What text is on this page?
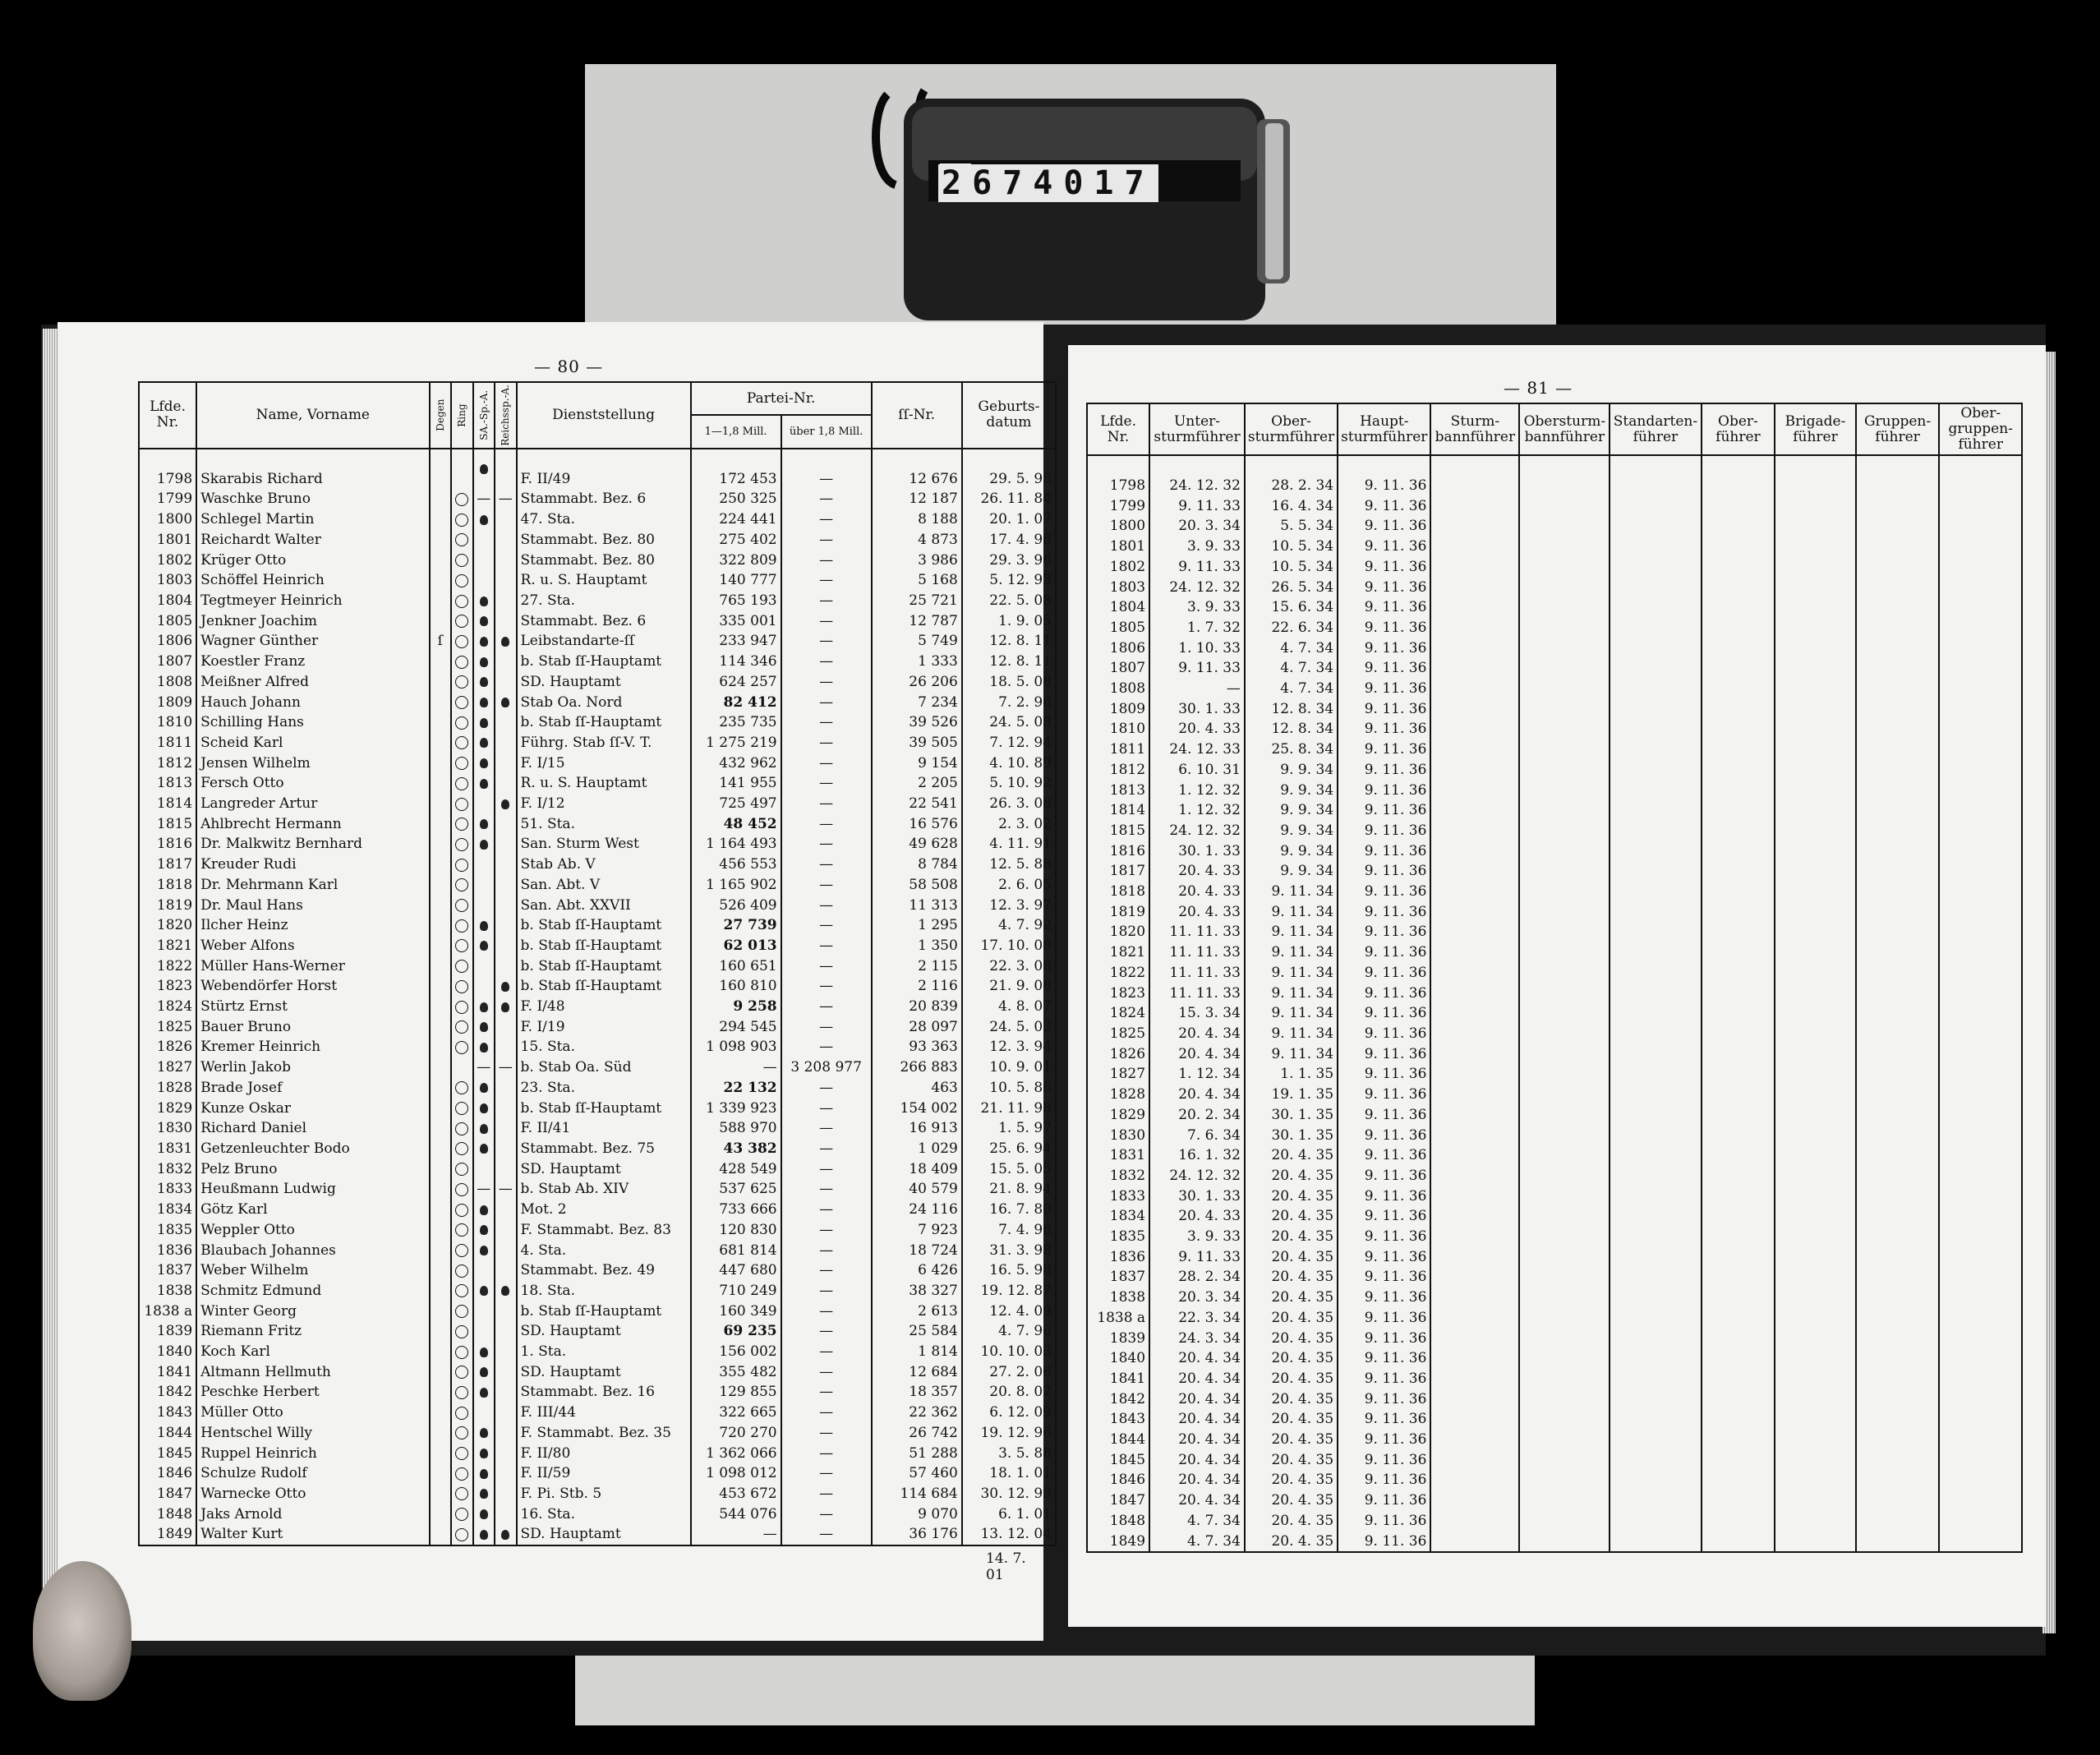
2674017
— 80 —
Lfde. Nr.	Name, Vorname	Degen	Ring	SA.-Sp.-A.	Reichssp.-A.	Dienststellung	Partei-Nr.		ſſ-Nr.	Geburts-datum
							1—1,8 Mill.	über 1,8 Mill.		
1798	Skarabis Richard					F. II/49	172 453	—	12 676	29. 5. 95
1799	Waschke Bruno			—	—	Stammabt. Bez. 6	250 325	—	12 187	26. 11. 84
1800	Schlegel Martin					47. Sta.	224 441	—	8 188	20. 1. 07
1801	Reichardt Walter					Stammabt. Bez. 80	275 402	—	4 873	17. 4. 96
1802	Krüger Otto					Stammabt. Bez. 80	322 809	—	3 986	29. 3. 96
1803	Schöffel Heinrich					R. u. S. Hauptamt	140 777	—	5 168	5. 12. 93
1804	Tegtmeyer Heinrich					27. Sta.	765 193	—	25 721	22. 5. 08
1805	Jenkner Joachim					Stammabt. Bez. 6	335 001	—	12 787	1. 9. 05
1806	Wagner Günther	ſ				Leibstandarte-ſſ	233 947	—	5 749	12. 8. 11
1807	Koestler Franz					b. Stab ſſ-Hauptamt	114 346	—	1 333	12. 8. 11
1808	Meißner Alfred					SD. Hauptamt	624 257	—	26 206	18. 5. 08
1809	Hauch Johann					Stab Oa. Nord	82 412	—	7 234	7. 2. 96
1810	Schilling Hans					b. Stab ſſ-Hauptamt	235 735	—	39 526	24. 5. 08
1811	Scheid Karl					Führg. Stab ſſ-V. T.	1 275 219	—	39 505	7. 12. 94
1812	Jensen Wilhelm					F. I/15	432 962	—	9 154	4. 10. 89
1813	Fersch Otto					R. u. S. Hauptamt	141 955	—	2 205	5. 10. 92
1814	Langreder Artur					F. I/12	725 497	—	22 541	26. 3. 08
1815	Ahlbrecht Hermann					51. Sta.	48 452	—	16 576	2. 3. 02
1816	Dr. Malkwitz Bernhard					San. Sturm West	1 164 493	—	49 628	4. 11. 91
1817	Kreuder Rudi					Stab Ab. V	456 553	—	8 784	12. 5. 88
1818	Dr. Mehrmann Karl					San. Abt. V	1 165 902	—	58 508	2. 6. 05
1819	Dr. Maul Hans					San. Abt. XXVII	526 409	—	11 313	12. 3. 97
1820	Ilcher Heinz					b. Stab ſſ-Hauptamt	27 739	—	1 295	4. 7. 92
1821	Weber Alfons					b. Stab ſſ-Hauptamt	62 013	—	1 350	17. 10. 08
1822	Müller Hans-Werner					b. Stab ſſ-Hauptamt	160 651	—	2 115	22. 3. 08
1823	Webendörfer Horst					b. Stab ſſ-Hauptamt	160 810	—	2 116	21. 9. 08
1824	Stürtz Ernst					F. I/48	9 258	—	20 839	4. 8. 07
1825	Bauer Bruno					F. I/19	294 545	—	28 097	24. 5. 02
1826	Kremer Heinrich					15. Sta.	1 098 903	—	93 363	12. 3. 94
1827	Werlin Jakob			—	—	b. Stab Oa. Süd	—	3 208 977	266 883	10. 9. 01
1828	Brade Josef					23. Sta.	22 132	—	463	10. 5. 86
1829	Kunze Oskar					b. Stab ſſ-Hauptamt	1 339 923	—	154 002	21. 11. 98
1830	Richard Daniel					F. II/41	588 970	—	16 913	1. 5. 97
1831	Getzenleuchter Bodo					Stammabt. Bez. 75	43 382	—	1 029	25. 6. 94
1832	Pelz Bruno					SD. Hauptamt	428 549	—	18 409	15. 5. 05
1833	Heußmann Ludwig			—	—	b. Stab Ab. XIV	537 625	—	40 579	21. 8. 94
1834	Götz Karl					Mot. 2	733 666	—	24 116	16. 7. 80
1835	Weppler Otto					F. Stammabt. Bez. 83	120 830	—	7 923	7. 4. 96
1836	Blaubach Johannes					4. Sta.	681 814	—	18 724	31. 3. 98
1837	Weber Wilhelm					Stammabt. Bez. 49	447 680	—	6 426	16. 5. 98
1838	Schmitz Edmund					18. Sta.	710 249	—	38 327	19. 12. 87
1838 a	Winter Georg					b. Stab ſſ-Hauptamt	160 349	—	2 613	12. 4. 09
1839	Riemann Fritz					SD. Hauptamt	69 235	—	25 584	4. 7. 96
1840	Koch Karl					1. Sta.	156 002	—	1 814	10. 10. 03
1841	Altmann Hellmuth					SD. Hauptamt	355 482	—	12 684	27. 2. 06
1842	Peschke Herbert					Stammabt. Bez. 16	129 855	—	18 357	20. 8. 02
1843	Müller Otto					F. III/44	322 665	—	22 362	6. 12. 09
1844	Hentschel Willy					F. Stammabt. Bez. 35	720 270	—	26 742	19. 12. 96
1845	Ruppel Heinrich					F. II/80	1 362 066	—	51 288	3. 5. 88
1846	Schulze Rudolf					F. II/59	1 098 012	—	57 460	18. 1. 01
1847	Warnecke Otto					F. Pi. Stb. 5	453 672	—	114 684	30. 12. 99
1848	Jaks Arnold					16. Sta.	544 076	—	9 070	6. 1. 01
1849	Walter Kurt					SD. Hauptamt	—	—	36 176	13. 12. 04
14. 7. 01
— 81 —
Lfde. Nr.	Unter-sturmführer	Ober-sturmführer	Haupt-sturmführer	Sturm-bannführer	Obersturm-bannführer	Standarten-führer	Ober-führer	Brigade-führer	Gruppen-führer	Ober-gruppen-führer
1798	24. 12. 32	28. 2. 34	9. 11. 36							
1799	9. 11. 33	16. 4. 34	9. 11. 36							
1800	20. 3. 34	5. 5. 34	9. 11. 36							
1801	3. 9. 33	10. 5. 34	9. 11. 36							
1802	9. 11. 33	10. 5. 34	9. 11. 36							
1803	24. 12. 32	26. 5. 34	9. 11. 36							
1804	3. 9. 33	15. 6. 34	9. 11. 36							
1805	1. 7. 32	22. 6. 34	9. 11. 36							
1806	1. 10. 33	4. 7. 34	9. 11. 36							
1807	9. 11. 33	4. 7. 34	9. 11. 36							
1808	—	4. 7. 34	9. 11. 36							
1809	30. 1. 33	12. 8. 34	9. 11. 36							
1810	20. 4. 33	12. 8. 34	9. 11. 36							
1811	24. 12. 33	25. 8. 34	9. 11. 36							
1812	6. 10. 31	9. 9. 34	9. 11. 36							
1813	1. 12. 32	9. 9. 34	9. 11. 36							
1814	1. 12. 32	9. 9. 34	9. 11. 36							
1815	24. 12. 32	9. 9. 34	9. 11. 36							
1816	30. 1. 33	9. 9. 34	9. 11. 36							
1817	20. 4. 33	9. 9. 34	9. 11. 36							
1818	20. 4. 33	9. 11. 34	9. 11. 36							
1819	20. 4. 33	9. 11. 34	9. 11. 36							
1820	11. 11. 33	9. 11. 34	9. 11. 36							
1821	11. 11. 33	9. 11. 34	9. 11. 36							
1822	11. 11. 33	9. 11. 34	9. 11. 36							
1823	11. 11. 33	9. 11. 34	9. 11. 36							
1824	15. 3. 34	9. 11. 34	9. 11. 36							
1825	20. 4. 34	9. 11. 34	9. 11. 36							
1826	20. 4. 34	9. 11. 34	9. 11. 36							
1827	1. 12. 34	1. 1. 35	9. 11. 36							
1828	20. 4. 34	19. 1. 35	9. 11. 36							
1829	20. 2. 34	30. 1. 35	9. 11. 36							
1830	7. 6. 34	30. 1. 35	9. 11. 36							
1831	16. 1. 32	20. 4. 35	9. 11. 36							
1832	24. 12. 32	20. 4. 35	9. 11. 36							
1833	30. 1. 33	20. 4. 35	9. 11. 36							
1834	20. 4. 33	20. 4. 35	9. 11. 36							
1835	3. 9. 33	20. 4. 35	9. 11. 36							
1836	9. 11. 33	20. 4. 35	9. 11. 36							
1837	28. 2. 34	20. 4. 35	9. 11. 36							
1838	20. 3. 34	20. 4. 35	9. 11. 36							
1838 a	22. 3. 34	20. 4. 35	9. 11. 36							
1839	24. 3. 34	20. 4. 35	9. 11. 36							
1840	20. 4. 34	20. 4. 35	9. 11. 36							
1841	20. 4. 34	20. 4. 35	9. 11. 36							
1842	20. 4. 34	20. 4. 35	9. 11. 36							
1843	20. 4. 34	20. 4. 35	9. 11. 36							
1844	20. 4. 34	20. 4. 35	9. 11. 36							
1845	20. 4. 34	20. 4. 35	9. 11. 36							
1846	20. 4. 34	20. 4. 35	9. 11. 36							
1847	20. 4. 34	20. 4. 35	9. 11. 36							
1848	4. 7. 34	20. 4. 35	9. 11. 36							
1849	4. 7. 34	20. 4. 35	9. 11. 36							
